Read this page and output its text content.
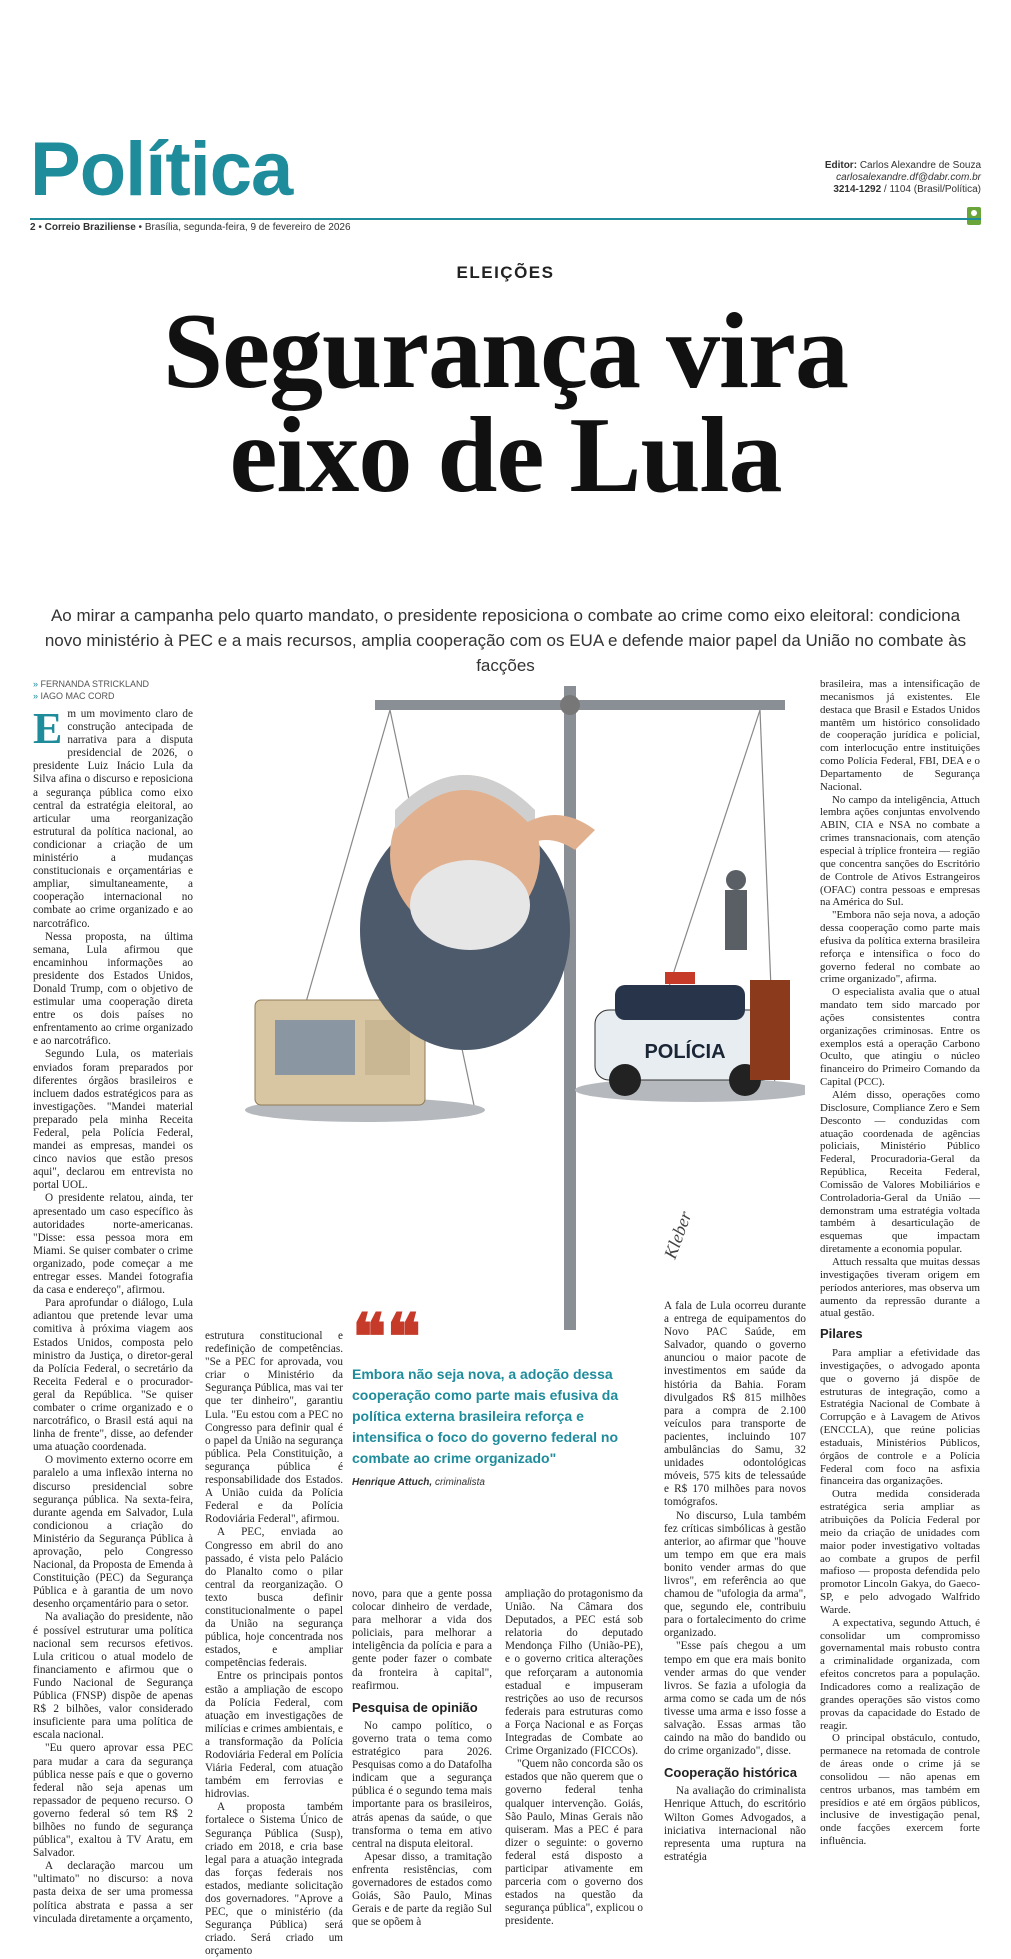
Política	Editor: Carlos Alexandre de Souza
carlosalexandre.df@dabr.com.br
3214-1292 / 1104 (Brasil/Política)
2 • Correio Braziliense • Brasília, segunda-feira, 9 de fevereiro de 2026
ELEIÇÕES
Segurança vira
eixo de Lula
Ao mirar a campanha pelo quarto mandato, o presidente reposiciona o combate ao crime como eixo eleitoral: condiciona novo ministério à PEC e a mais recursos, amplia cooperação com os EUA e defende maior papel da União no combate às facções
» FERNANDA STRICKLAND
» IAGO MAC CORD
POLÍCIA
Kleber
E m um movimento claro de construção antecipada de narrativa para a disputa presidencial de 2026, o presidente Luiz Inácio Lula da Silva afina o discurso e reposiciona a segurança pública como eixo central da estratégia eleitoral, ao articular uma reorganização estrutural da política nacional, ao condicionar a criação de um ministério a mudanças constitucionais e orçamentárias e ampliar, simultaneamente, a cooperação internacional no combate ao crime organizado e ao narcotráfico.

Nessa proposta, na última semana, Lula afirmou que encaminhou informações ao presidente dos Estados Unidos, Donald Trump, com o objetivo de estimular uma cooperação direta entre os dois países no enfrentamento ao crime organizado e ao narcotráfico.

Segundo Lula, os materiais enviados foram preparados por diferentes órgãos brasileiros e incluem dados estratégicos para as investigações. "Mandei material preparado pela minha Receita Federal, pela Polícia Federal, mandei as empresas, mandei os cinco navios que estão presos aqui", declarou em entrevista no portal UOL.

O presidente relatou, ainda, ter apresentado um caso específico às autoridades norte-americanas. "Disse: essa pessoa mora em Miami. Se quiser combater o crime organizado, pode começar a me entregar esses. Mandei fotografia da casa e endereço", afirmou.

Para aprofundar o diálogo, Lula adiantou que pretende levar uma comitiva à próxima viagem aos Estados Unidos, composta pelo ministro da Justiça, o diretor-geral da Polícia Federal, o secretário da Receita Federal e o procurador-geral da República. "Se quiser combater o crime organizado e o narcotráfico, o Brasil está aqui na linha de frente", disse, ao defender uma atuação coordenada.

O movimento externo ocorre em paralelo a uma inflexão interna no discurso presidencial sobre segurança pública. Na sexta-feira, durante agenda em Salvador, Lula condicionou a criação do Ministério da Segurança Pública à aprovação, pelo Congresso Nacional, da Proposta de Emenda à Constituição (PEC) da Segurança Pública e à garantia de um novo desenho orçamentário para o setor.

Na avaliação do presidente, não é possível estruturar uma política nacional sem recursos efetivos. Lula criticou o atual modelo de financiamento e afirmou que o Fundo Nacional de Segurança Pública (FNSP) dispõe de apenas R$ 2 bilhões, valor considerado insuficiente para uma política de escala nacional.

"Eu quero aprovar essa PEC para mudar a cara da segurança pública nesse país e que o governo federal não seja apenas um repassador de pequeno recurso. O governo federal só tem R$ 2 bilhões no fundo de segurança pública", exaltou à TV Aratu, em Salvador.

A declaração marcou um "ultimato" no discurso: a nova pasta deixa de ser uma promessa política abstrata e passa a ser vinculada diretamente a orçamento,

estrutura constitucional e redefinição de competências. "Se a PEC for aprovada, vou criar o Ministério da Segurança Pública, mas vai ter que ter dinheiro", garantiu Lula. "Eu estou com a PEC no Congresso para definir qual é o papel da União na segurança pública. Pela Constituição, a segurança pública é responsabilidade dos Estados. A União cuida da Polícia Federal e da Polícia Rodoviária Federal", afirmou.

A PEC, enviada ao Congresso em abril do ano passado, é vista pelo Palácio do Planalto como o pilar central da reorganização. O texto busca definir constitucionalmente o papel da União na segurança pública, hoje concentrada nos estados, e ampliar competências federais.

Entre os principais pontos estão a ampliação de escopo da Polícia Federal, com atuação em investigações de milícias e crimes ambientais, e a transformação da Polícia Rodoviária Federal em Polícia Viária Federal, com atuação também em ferrovias e hidrovias.

A proposta também fortalece o Sistema Único de Segurança Pública (Susp), criado em 2018, e cria base legal para a atuação integrada das forças federais nos estados, mediante solicitação dos governadores. "Aprove a PEC, que o ministério (da Segurança Pública) será criado. Será criado um orçamento

❝❝
Embora não seja nova, a adoção dessa cooperação como parte mais efusiva da política externa brasileira reforça e intensifica o foco do governo federal no combate ao crime organizado"
Henrique Attuch, criminalista

novo, para que a gente possa colocar dinheiro de verdade, para melhorar a vida dos policiais, para melhorar a inteligência da polícia e para a gente poder fazer o combate da fronteira à capital", reafirmou.

Pesquisa de opinião

No campo político, o governo trata o tema como estratégico para 2026. Pesquisas como a do Datafolha indicam que a segurança pública é o segundo tema mais importante para os brasileiros, atrás apenas da saúde, o que transforma o tema em ativo central na disputa eleitoral.

Apesar disso, a tramitação enfrenta resistências, com governadores de estados como Goiás, São Paulo, Minas Gerais e de parte da região Sul que se opõem à

ampliação do protagonismo da União. Na Câmara dos Deputados, a PEC está sob relatoria do deputado Mendonça Filho (União-PE), e o governo critica alterações que reforçaram a autonomia estadual e impuseram restrições ao uso de recursos federais para estruturas como a Força Nacional e as Forças Integradas de Combate ao Crime Organizado (FICCOs).

"Quem não concorda são os estados que não querem que o governo federal tenha qualquer intervenção. Goiás, São Paulo, Minas Gerais não quiseram. Mas a PEC é para dizer o seguinte: o governo federal está disposto a participar ativamente em parceria com o governo dos estados na questão da segurança pública", explicou o presidente.

A fala de Lula ocorreu durante a entrega de equipamentos do Novo PAC Saúde, em Salvador, quando o governo anunciou o maior pacote de investimentos em saúde da história da Bahia. Foram divulgados R$ 815 milhões para a compra de 2.100 veículos para transporte de pacientes, incluindo 107 ambulâncias do Samu, 32 unidades odontológicas móveis, 575 kits de telessaúde e R$ 170 milhões para novos tomógrafos.

No discurso, Lula também fez críticas simbólicas à gestão anterior, ao afirmar que "houve um tempo em que era mais bonito vender armas do que livros", em referência ao que chamou de "ufologia da arma", que, segundo ele, contribuiu para o fortalecimento do crime organizado.

"Esse país chegou a um tempo em que era mais bonito vender armas do que vender livros. Se fazia a ufologia da arma como se cada um de nós tivesse uma arma e isso fosse a salvação. Essas armas tão caindo na mão do bandido ou do crime organizado", disse.

Cooperação histórica

Na avaliação do criminalista Henrique Attuch, do escritório Wilton Gomes Advogados, a iniciativa internacional não representa uma ruptura na estratégia

brasileira, mas a intensificação de mecanismos já existentes. Ele destaca que Brasil e Estados Unidos mantêm um histórico consolidado de cooperação jurídica e policial, com interlocução entre instituições como Polícia Federal, FBI, DEA e o Departamento de Segurança Nacional.

No campo da inteligência, Attuch lembra ações conjuntas envolvendo ABIN, CIA e NSA no combate a crimes transnacionais, com atenção especial à tríplice fronteira — região que concentra sanções do Escritório de Controle de Ativos Estrangeiros (OFAC) contra pessoas e empresas na América do Sul.

"Embora não seja nova, a adoção dessa cooperação como parte mais efusiva da política externa brasileira reforça e intensifica o foco do governo federal no combate ao crime organizado", afirma.

O especialista avalia que o atual mandato tem sido marcado por ações consistentes contra organizações criminosas. Entre os exemplos está a operação Carbono Oculto, que atingiu o núcleo financeiro do Primeiro Comando da Capital (PCC).

Além disso, operações como Disclosure, Compliance Zero e Sem Desconto — conduzidas com atuação coordenada de agências policiais, Ministério Público Federal, Procuradoria-Geral da República, Receita Federal, Comissão de Valores Mobiliários e Controladoria-Geral da União — demonstram uma estratégia voltada também à desarticulação de esquemas que impactam diretamente a economia popular.

Attuch ressalta que muitas dessas investigações tiveram origem em períodos anteriores, mas observa um aumento da repressão durante a atual gestão.

Pilares

Para ampliar a efetividade das investigações, o advogado aponta que o governo já dispõe de estruturas de integração, como a Estratégia Nacional de Combate à Corrupção e à Lavagem de Ativos (ENCCLA), que reúne policias estaduais, Ministérios Públicos, órgãos de controle e a Polícia Federal com foco na asfixia financeira das organizações.

Outra medida considerada estratégica seria ampliar as atribuições da Polícia Federal por meio da criação de unidades com maior poder investigativo voltadas ao combate a grupos de perfil mafioso — proposta defendida pelo promotor Lincoln Gakya, do Gaeco-SP, e pelo advogado Walfrido Warde.

A expectativa, segundo Attuch, é consolidar um compromisso governamental mais robusto contra a criminalidade organizada, com efeitos concretos para a população. Indicadores como a realização de grandes operações são vistos como provas da capacidade do Estado de reagir.

O principal obstáculo, contudo, permanece na retomada de controle de áreas onde o crime já se consolidou — não apenas em centros urbanos, mas também em presídios e até em órgãos públicos, inclusive de investigação penal, onde facções exercem forte influência.
